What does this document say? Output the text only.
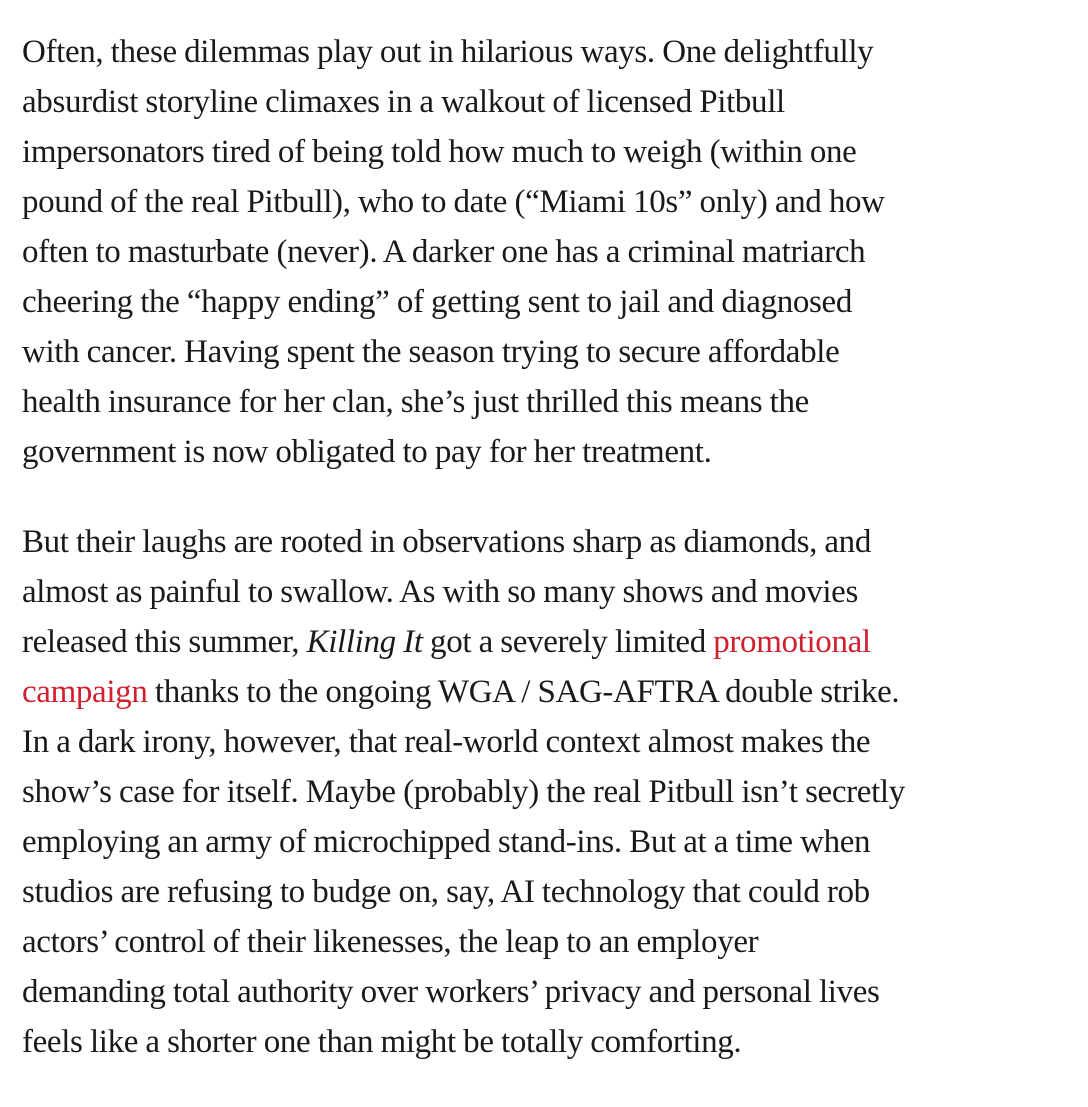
Often, these dilemmas play out in hilarious ways. One delightfully
absurdist storyline climaxes in a walkout of licensed Pitbull
impersonators tired of being told how much to weigh (within one
pound of the real Pitbull), who to date (“Miami 10s” only) and how
often to masturbate (never). A darker one has a criminal matriarch
cheering the “happy ending” of getting sent to jail and diagnosed
with cancer. Having spent the season trying to secure affordable
health insurance for her clan, she’s just thrilled this means the
government is now obligated to pay for her treatment.

But their laughs are rooted in observations sharp as diamonds, and
almost as painful to swallow. As with so many shows and movies
released this summer, Killing It got a severely limited promotional
campaign thanks to the ongoing WGA / SAG-AFTRA double strike.
In a dark irony, however, that real-world context almost makes the
show’s case for itself. Maybe (probably) the real Pitbull isn’t secretly
employing an army of microchipped stand-ins. But at a time when
studios are refusing to budge on, say, AI technology that could rob
actors’ control of their likenesses, the leap to an employer
demanding total authority over workers’ privacy and personal lives
feels like a shorter one than might be totally comforting.
